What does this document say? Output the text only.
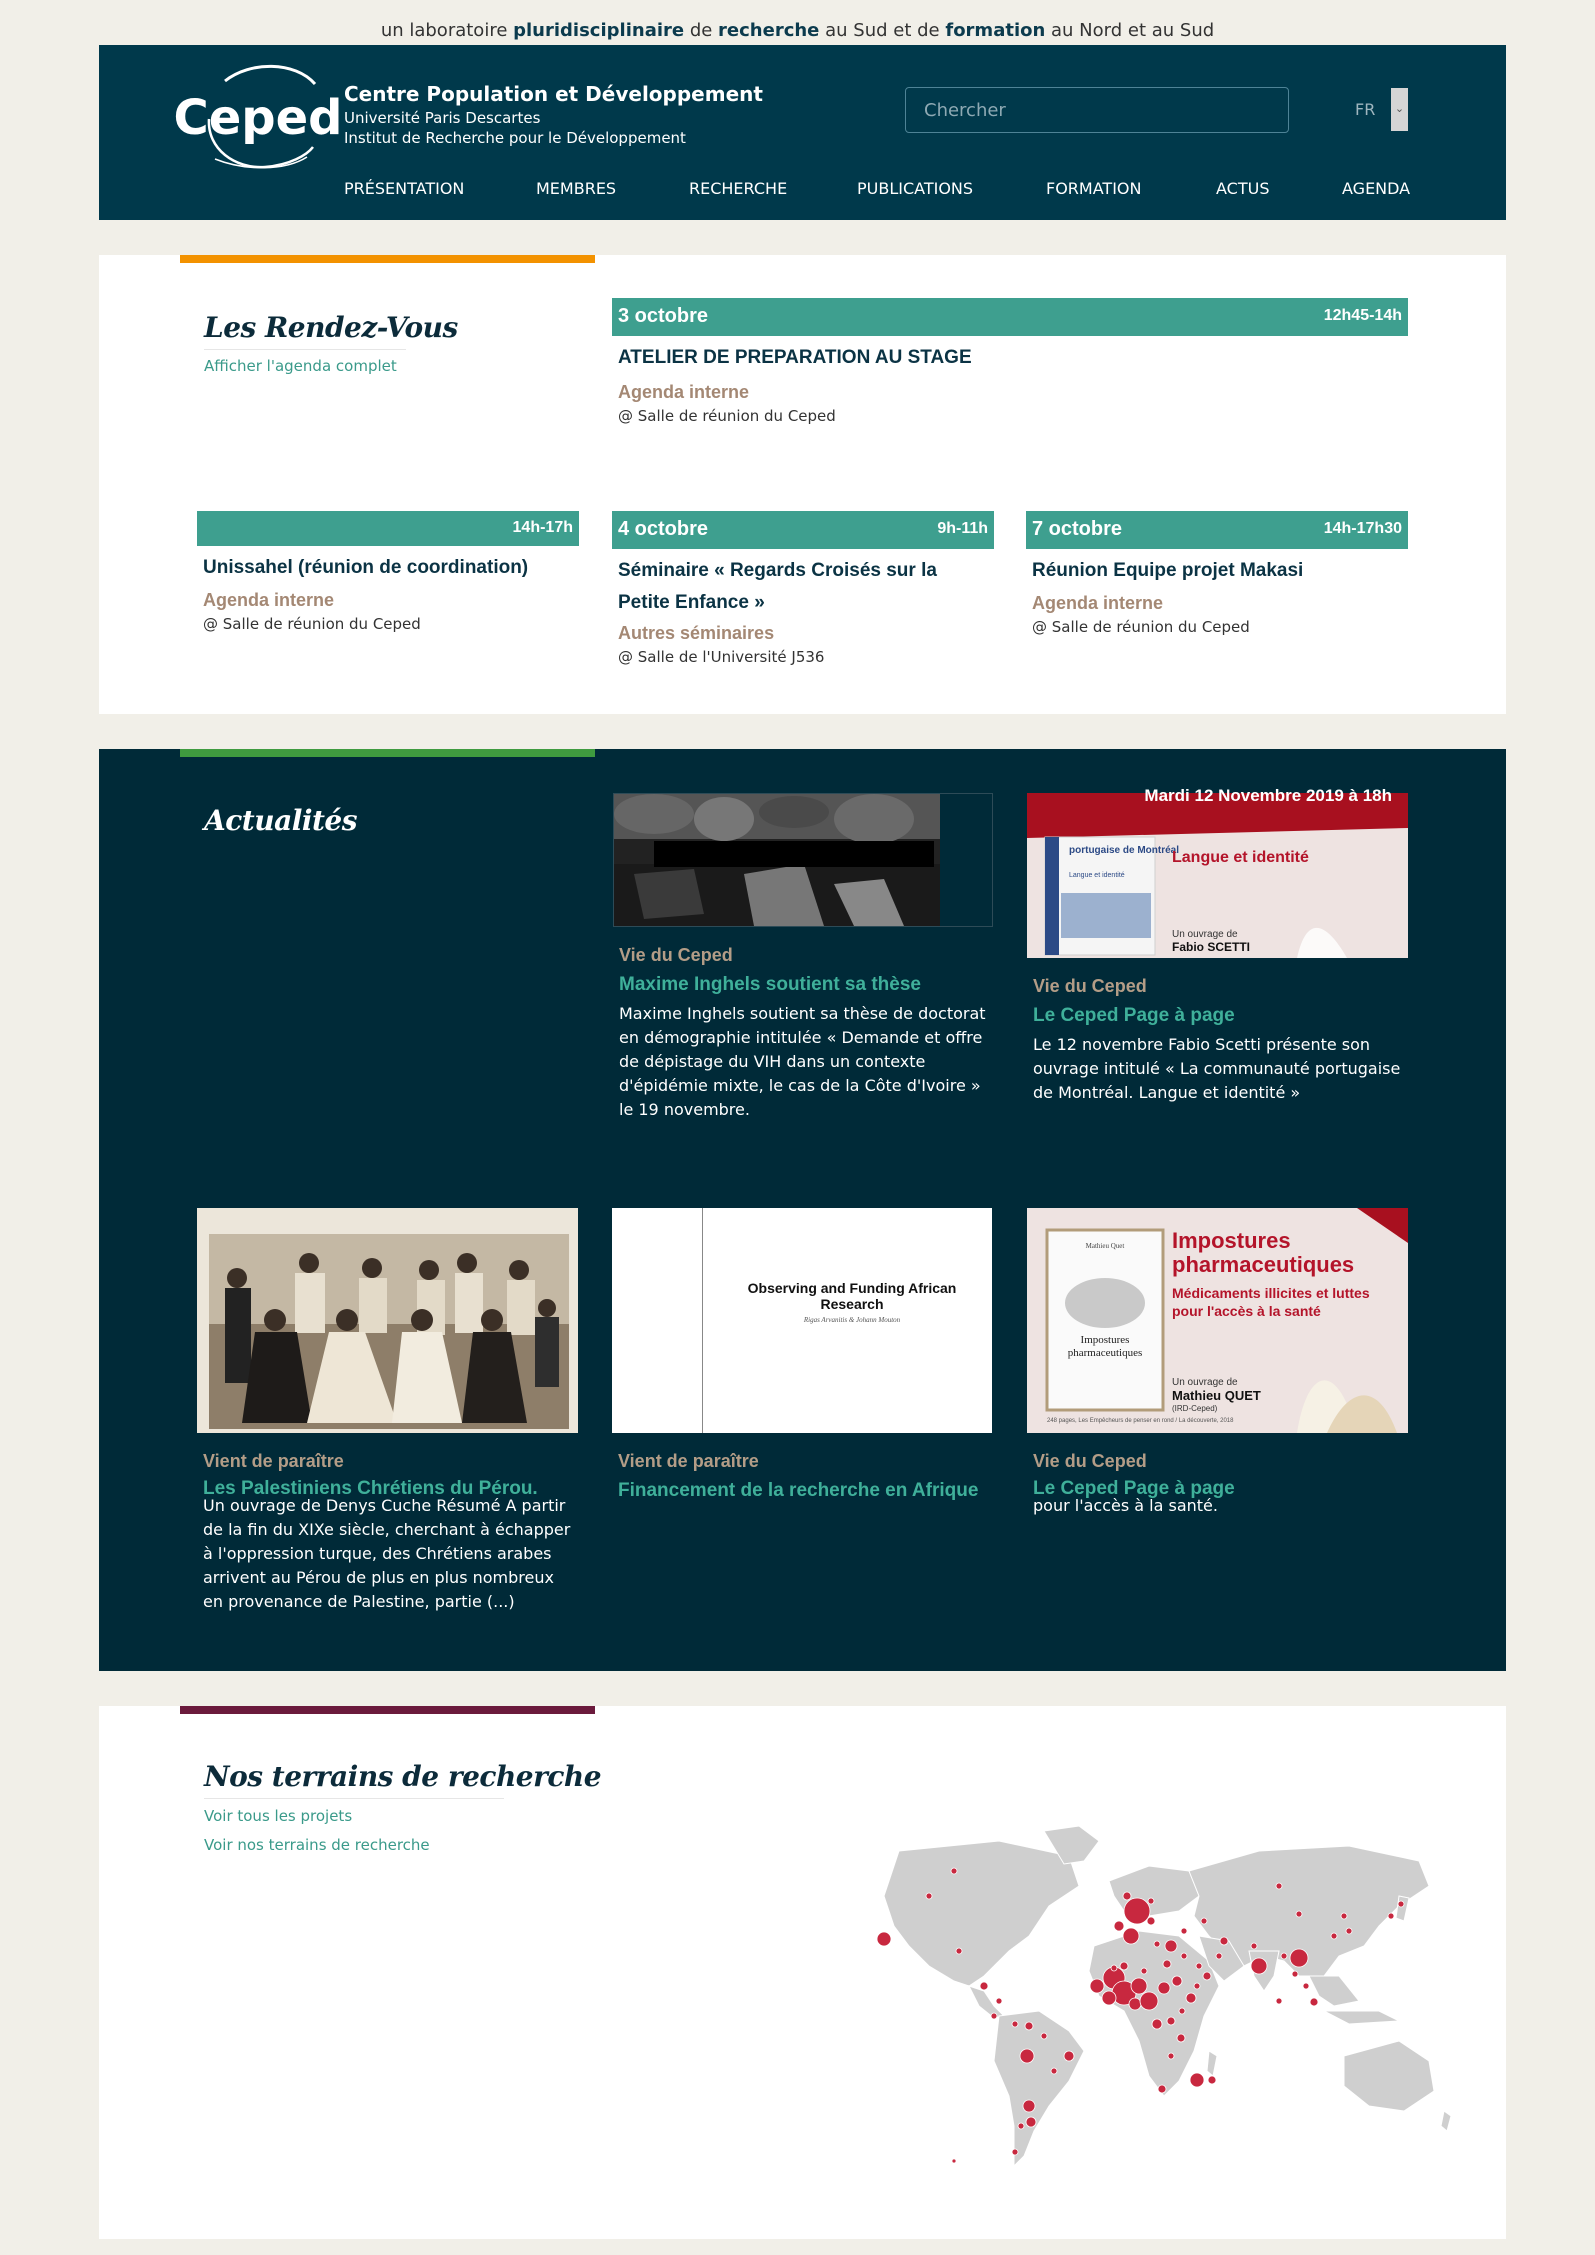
un laboratoire pluridisciplinaire de recherche au Sud et de formation au Nord et au Sud
Ceped Centre Population et Développement
Université Paris Descartes
Institut de Recherche pour le Développement
Chercher	FR	⌄
PRÉSENTATION	MEMBRES	RECHERCHE	PUBLICATIONS	FORMATION	ACTUS	AGENDA
Les Rendez-Vous
Afficher l'agenda complet
3 octobre	12h45-14h
ATELIER DE PREPARATION AU STAGE
Agenda interne
@ Salle de réunion du Ceped
14h-17h
Unissahel (réunion de coordination)
Agenda interne
@ Salle de réunion du Ceped
4 octobre	9h-11h
Séminaire « Regards Croisés sur la Petite Enfance »
Autres séminaires
@ Salle de l'Université J536
7 octobre	14h-17h30
Réunion Equipe projet Makasi
Agenda interne
@ Salle de réunion du Ceped
Actualités
Vie du Ceped
Maxime Inghels soutient sa thèse
Maxime Inghels soutient sa thèse de doctorat en démographie intitulée « Demande et offre de dépistage du VIH dans un contexte d'épidémie mixte, le cas de la Côte d'Ivoire » le 19 novembre.
Mardi 12 Novembre 2019 à 18h
portugaise de Montréal
Langue et identité
Langue et identité
Un ouvrage de
Fabio SCETTI
Vie du Ceped
Le Ceped Page à page
Le 12 novembre Fabio Scetti présente son ouvrage intitulé « La communauté portugaise de Montréal. Langue et identité »
Vient de paraître
Les Palestiniens Chrétiens du Pérou.
Un ouvrage de Denys Cuche Résumé A partir de la fin du XIXe siècle, cherchant à échapper à l'oppression turque, des Chrétiens arabes arrivent au Pérou de plus en plus nombreux en provenance de Palestine, partie (...)
Observing and Funding African Research
Rigas Arvanitis & Johann Mouton
Vient de paraître
Financement de la recherche en Afrique
Impostures
pharmaceutiques
Mathieu Quet Impostures
pharmaceutiques
Médicaments illicites et luttes
pour l'accès à la santé
Un ouvrage de
Mathieu QUET
(IRD-Ceped)
248 pages, Les Empêcheurs de penser en rond / La découverte, 2018
Vie du Ceped
Le Ceped Page à page
pour l'accès à la santé.
Nos terrains de recherche
Voir tous les projets
Voir nos terrains de recherche
